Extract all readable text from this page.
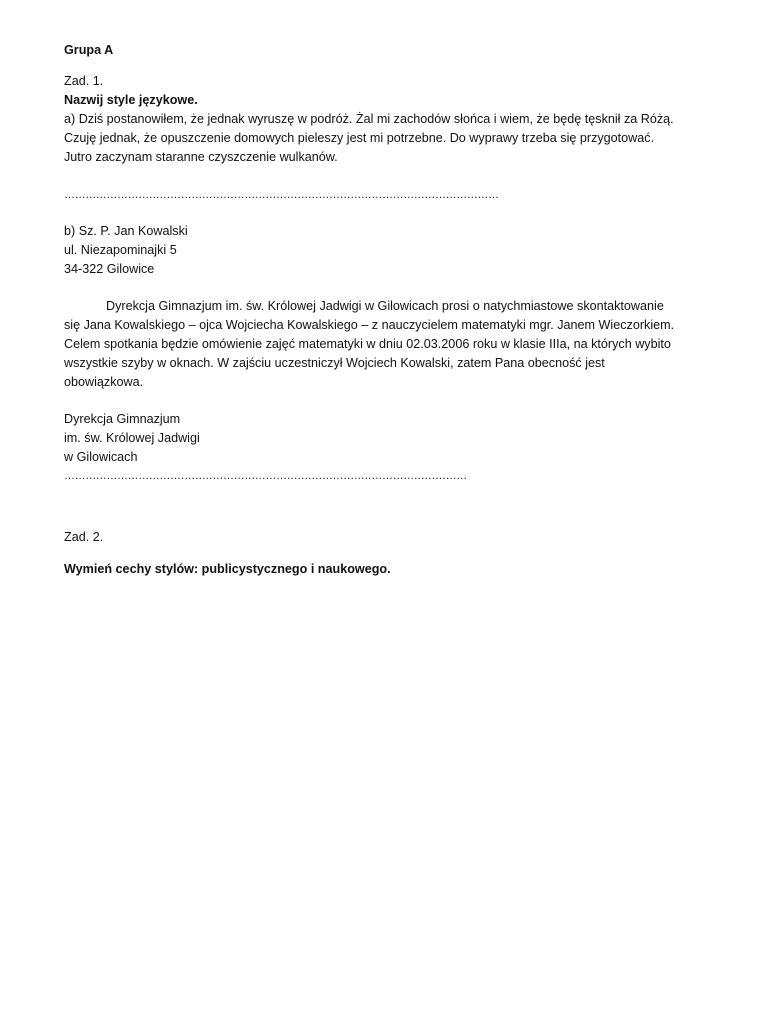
Grupa A
Zad. 1.
Nazwij style językowe.
a) Dziś postanowiłem, że jednak wyruszę w podróż. Żal mi zachodów słońca i wiem, że będę tęsknił za Różą.
Czuję jednak, że opuszczenie domowych pieleszy jest mi potrzebne. Do wyprawy trzeba się przygotować.
Jutro zaczynam staranne czyszczenie wulkanów.
……………………………………………………………………………………………………………
b) Sz. P. Jan Kowalski
ul. Niezapominajki 5
34-322 Gilowice
Dyrekcja Gimnazjum im. św. Królowej Jadwigi w Gilowicach prosi o natychmiastowe skontaktowanie
się Jana Kowalskiego – ojca Wojciecha Kowalskiego – z nauczycielem matematyki mgr. Janem Wieczorkiem.
Celem spotkania będzie omówienie zajęć matematyki w dniu 02.03.2006 roku w klasie IIIa, na których wybito
wszystkie szyby w oknach. W zajściu uczestniczył Wojciech Kowalski, zatem Pana obecność jest
obowiązkowa.
Dyrekcja Gimnazjum
im. św. Królowej Jadwigi
w Gilowicach
……………………………………………………………………………………………………
Zad. 2.
Wymień cechy stylów: publicystycznego i naukowego.
